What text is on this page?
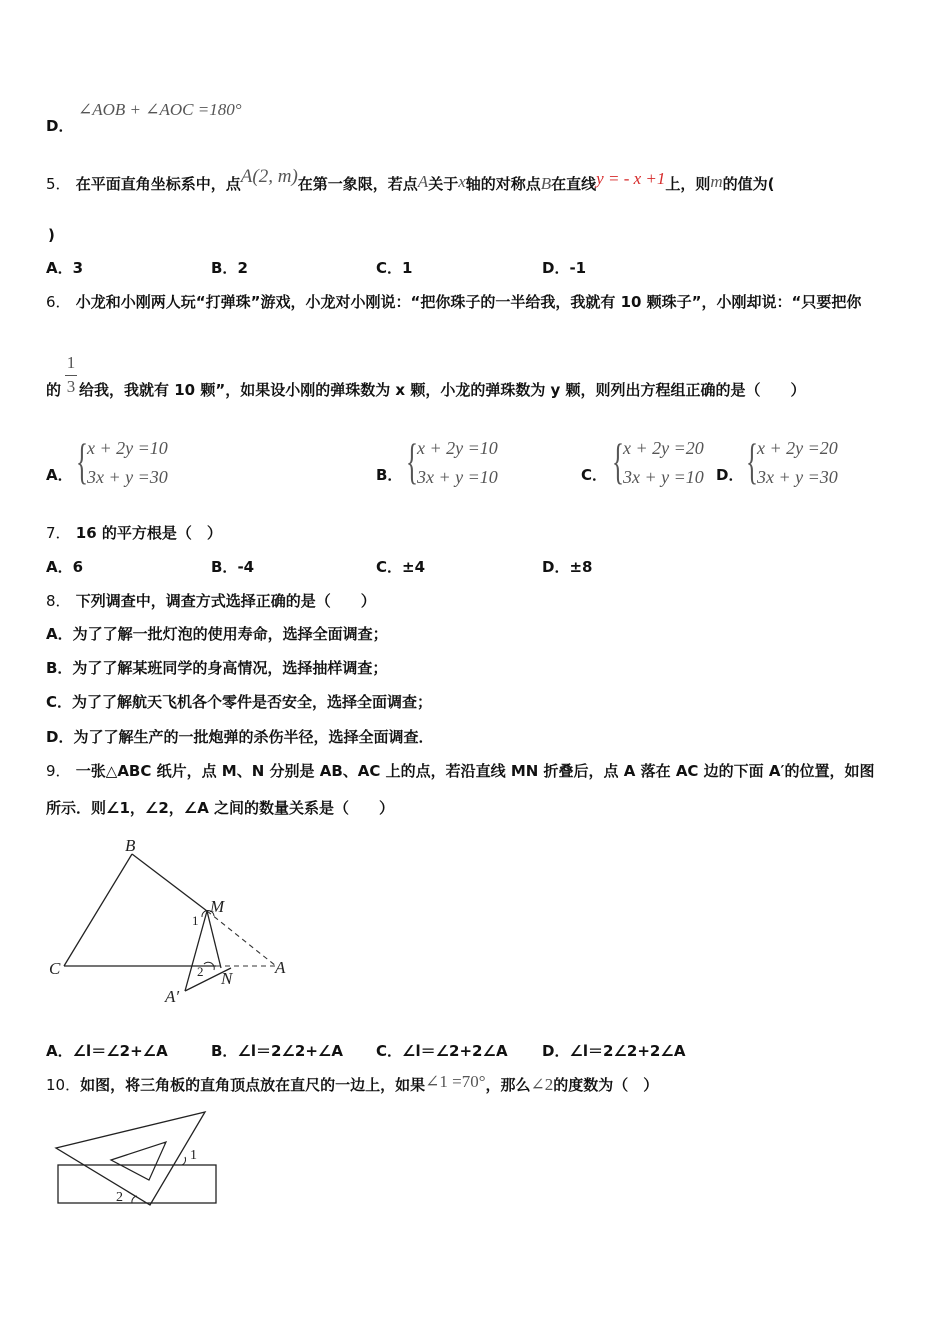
D．
∠AOB + ∠AOC =180°
5． 在平面直角坐标系中，点A(2, m)在第一象限，若点A关于x轴的对称点B在直线y = - x +1上，则m的值为(
)
A．3	B．2	C．1	D．-1
6． 小龙和小刚两人玩“打弹珠”游戏，小龙对小刚说：“把你珠子的一半给我，我就有 10 颗珠子”，小刚却说：“只要把你
1
3
的 给我，我就有 10 颗”，如果设小刚的弹珠数为 x 颗，小龙的弹珠数为 y 颗，则列出方程组正确的是（　　）
A． { x + 2y =10
3x + y =30	B． { x + 2y =10
3x + y =10	C． { x + 2y =20
3x + y =10 D． { x + 2y =20
3x + y =30
7． 16 的平方根是（　）
A．6	B．-4	C．±4	D．±8
8． 下列调查中，调查方式选择正确的是（　　）
A．为了了解一批灯泡的使用寿命，选择全面调查；
B．为了了解某班同学的身高情况，选择抽样调查；
C．为了了解航天飞机各个零件是否安全，选择全面调查；
D．为了了解生产的一批炮弹的杀伤半径，选择全面调查．
9． 一张△ABC 纸片，点 M、N 分别是 AB、AC 上的点，若沿直线 MN 折叠后，点 A 落在 AC 边的下面 A′的位置，如图
所示．则∠1，∠2，∠A 之间的数量关系是（　　）
B
M
C
N
A
A′
1
2
A．∠l＝∠2+∠A	B．∠l＝2∠2+∠A C．∠l＝∠2+2∠A D．∠l＝2∠2+2∠A
10．如图，将三角板的直角顶点放在直尺的一边上，如果∠1 =70°，那么∠2的度数为（　）
1
2
